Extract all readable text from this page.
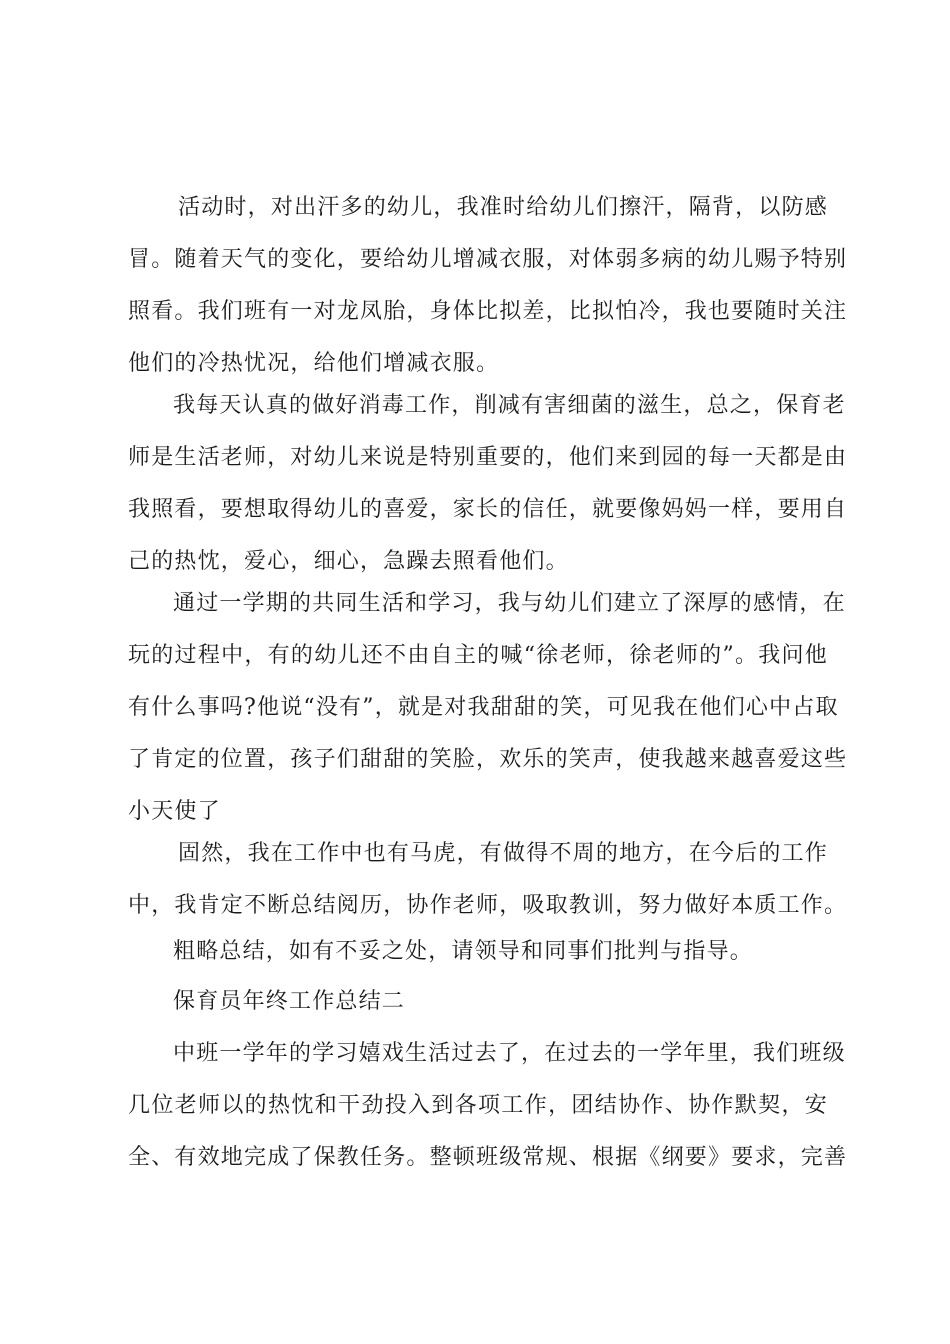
活动时，对出汗多的幼儿，我准时给幼儿们擦汗，隔背，以防感
冒。随着天气的变化，要给幼儿增减衣服，对体弱多病的幼儿赐予特别
照看。我们班有一对龙凤胎，身体比拟差，比拟怕冷，我也要随时关注
他们的冷热忧况，给他们增减衣服。
我每天认真的做好消毒工作，削减有害细菌的滋生，总之，保育老
师是生活老师，对幼儿来说是特别重要的，他们来到园的每一天都是由
我照看，要想取得幼儿的喜爱，家长的信任，就要像妈妈一样，要用自
己的热忱，爱心，细心，急躁去照看他们。
通过一学期的共同生活和学习，我与幼儿们建立了深厚的感情，在
玩的过程中，有的幼儿还不由自主的喊“徐老师，徐老师的”。我问他
有什么事吗?他说“没有”，就是对我甜甜的笑，可见我在他们心中占取
了肯定的位置，孩子们甜甜的笑脸，欢乐的笑声，使我越来越喜爱这些
小天使了
固然，我在工作中也有马虎，有做得不周的地方，在今后的工作
中，我肯定不断总结阅历，协作老师，吸取教训，努力做好本质工作。
粗略总结，如有不妥之处，请领导和同事们批判与指导。
保育员年终工作总结二
中班一学年的学习嬉戏生活过去了，在过去的一学年里，我们班级
几位老师以的热忱和干劲投入到各项工作，团结协作、协作默契，安
全、有效地完成了保教任务。整顿班级常规、根据《纲要》要求，完善
